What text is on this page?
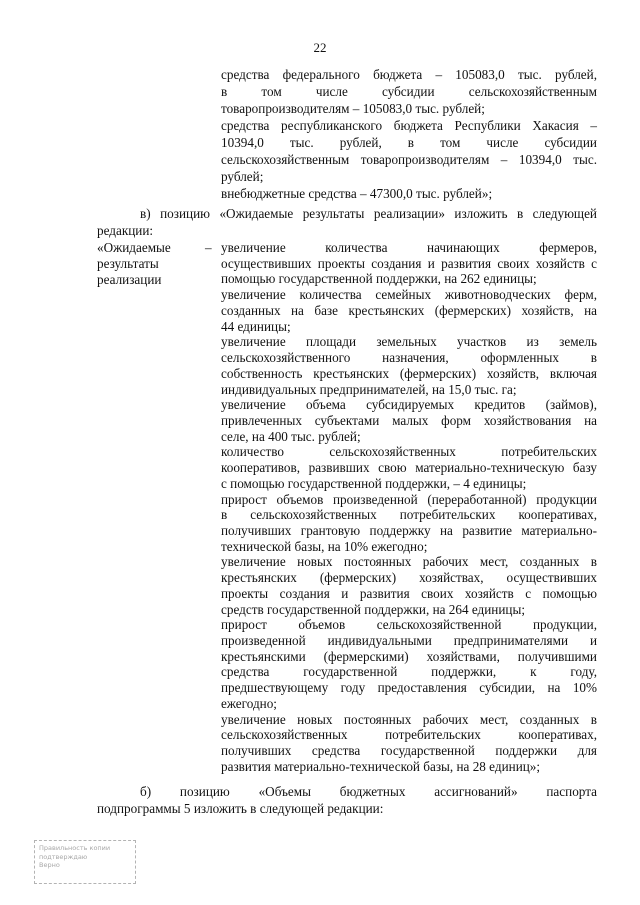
22
средства федерального бюджета – 105083,0 тыс. рублей,
в том числе субсидии сельскохозяйственным
товаропроизводителям – 105083,0 тыс. рублей;
средства республиканского бюджета Республики Хакасия –
10394,0 тыс. рублей, в том числе субсидии
сельскохозяйственным товаропроизводителям – 10394,0 тыс.
рублей;
внебюджетные средства – 47300,0 тыс. рублей»;
в) позицию «Ожидаемые результаты реализации» изложить в следующей
редакции:
«Ожидаемые
результаты
реализации
– увеличение количества начинающих фермеров,
осуществивших проекты создания и развития своих хозяйств с
помощью государственной поддержки, на 262 единицы;
увеличение количества семейных животноводческих ферм,
созданных на базе крестьянских (фермерских) хозяйств, на
44 единицы;
увеличение площади земельных участков из земель
сельскохозяйственного назначения, оформленных в
собственность крестьянских (фермерских) хозяйств, включая
индивидуальных предпринимателей, на 15,0 тыс. га;
увеличение объема субсидируемых кредитов (займов),
привлеченных субъектами малых форм хозяйствования на
селе, на 400 тыс. рублей;
количество сельскохозяйственных потребительских
кооперативов, развивших свою материально-техническую базу
с помощью государственной поддержки, – 4 единицы;
прирост объемов произведенной (переработанной) продукции
в сельскохозяйственных потребительских кооперативах,
получивших грантовую поддержку на развитие материально-
технической базы, на 10% ежегодно;
увеличение новых постоянных рабочих мест, созданных в
крестьянских (фермерских) хозяйствах, осуществивших
проекты создания и развития своих хозяйств с помощью
средств государственной поддержки, на 264 единицы;
прирост объемов сельскохозяйственной продукции,
произведенной индивидуальными предпринимателями и
крестьянскими (фермерскими) хозяйствами, получившими
средства государственной поддержки, к году,
предшествующему году предоставления субсидии, на 10%
ежегодно;
увеличение новых постоянных рабочих мест, созданных в
сельскохозяйственных потребительских кооперативах,
получивших средства государственной поддержки для
развития материально-технической базы, на 28 единиц»;
б) позицию «Объемы бюджетных ассигнований» паспорта
подпрограммы 5 изложить в следующей редакции:
Правильность копии
подтверждаю
Верно
